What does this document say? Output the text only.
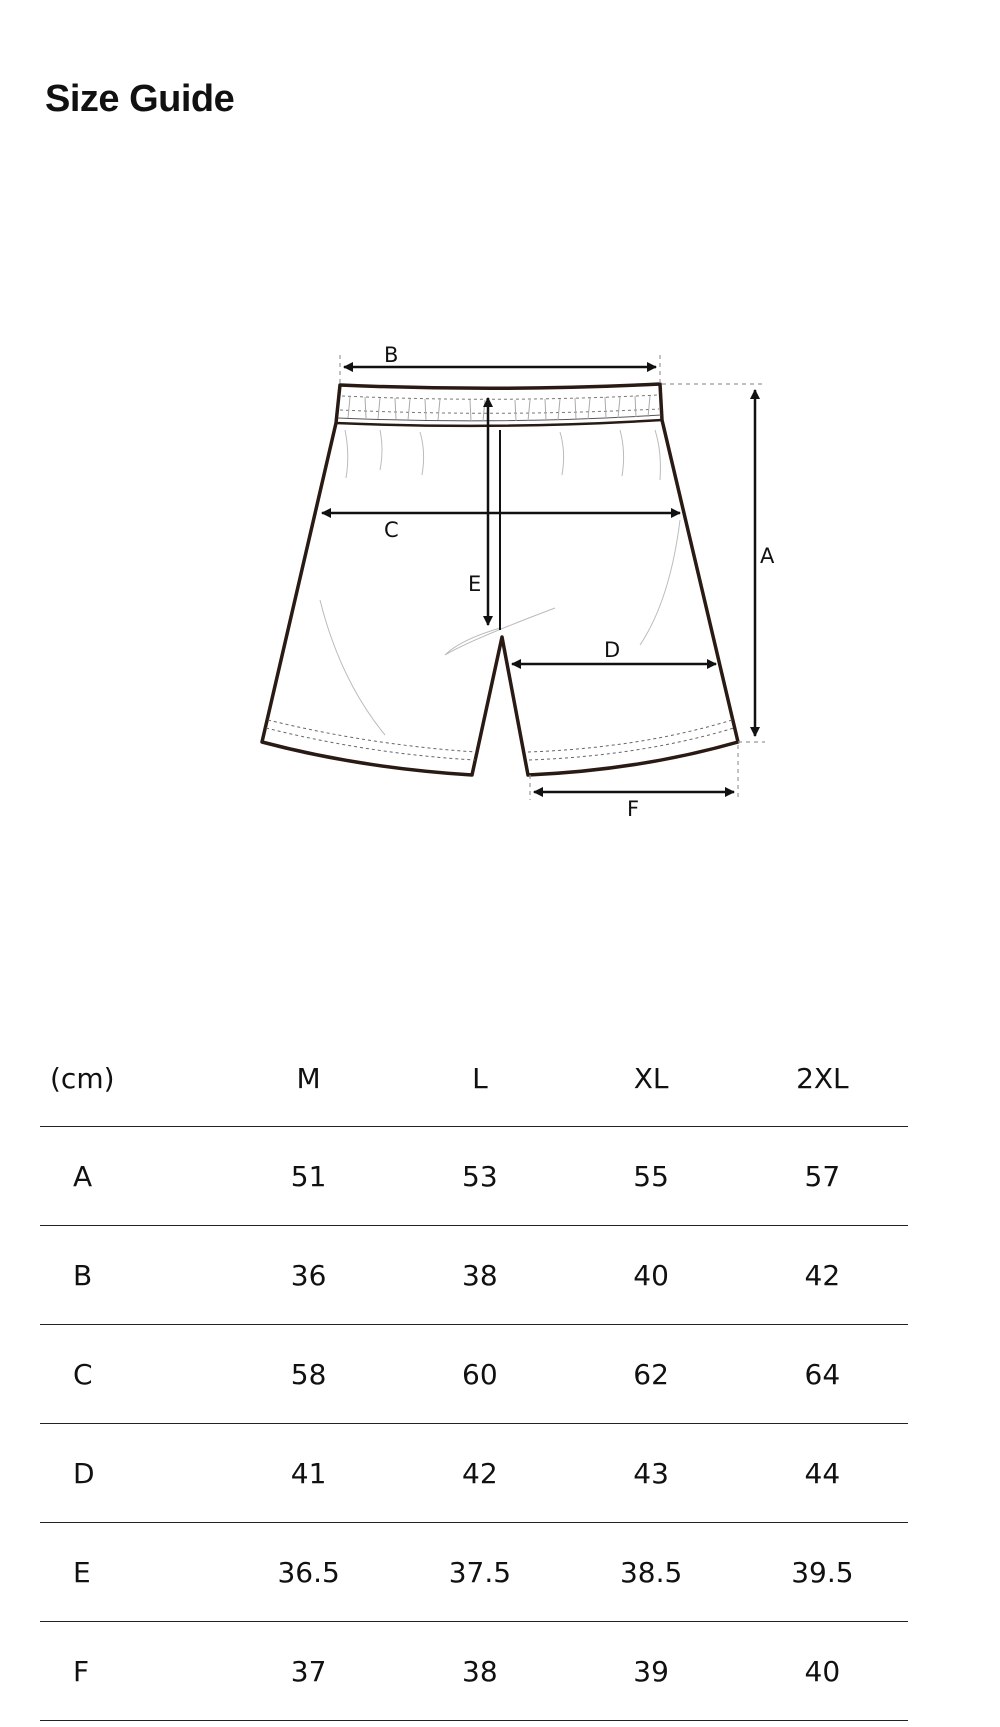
Size Guide
B
A
C
E
D
F
(cm)	M	L	XL	2XL
A	51	53	55	57
B	36	38	40	42
C	58	60	62	64
D	41	42	43	44
E	36.5	37.5	38.5	39.5
F	37	38	39	40
